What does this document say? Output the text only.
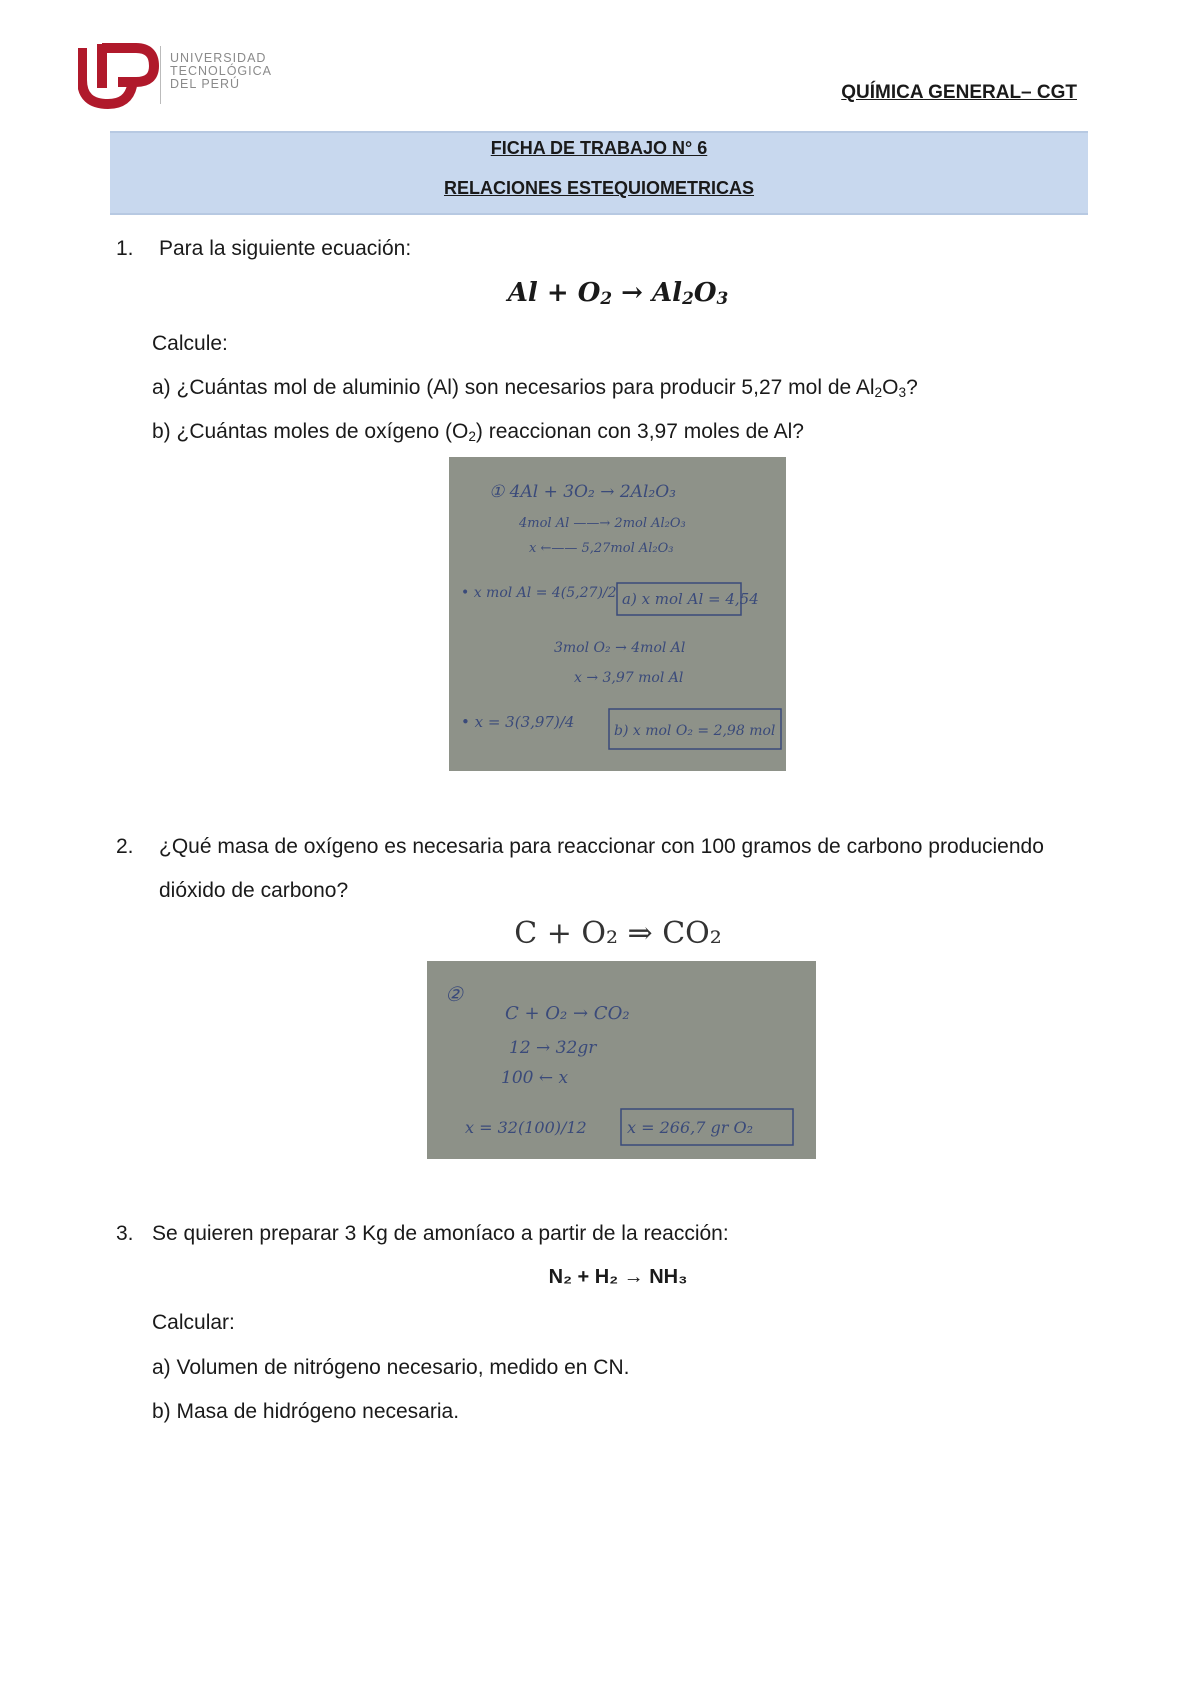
UNIVERSIDAD
TECNOLÓGICA
DEL PERÚ	QUÍMICA GENERAL– CGT
FICHA DE TRABAJO N° 6
RELACIONES ESTEQUIOMETRICAS
1. Para la siguiente ecuación:
$Al + O_2 \to Al_2O_3$
Calcule:
a) ¿Cuántas mol de aluminio (Al) son necesarios para producir 5,27 mol de $Al_2O_3$?
b) ¿Cuántas moles de oxígeno $(O_2)$ reaccionan con 3,97 moles de Al?
① 4Al + 3O₂ → 2Al₂O₃
4mol Al ——→ 2mol Al₂O₃
x ←—— 5,27mol Al₂O₃
• x mol Al = 4(5,27)/2 a) x mol Al = 4,54
3mol O₂ → 4mol Al
x → 3,97 mol Al
• x = 3(3,97)/4	b) x mol O₂ = 2,98 mol
2. ¿Qué masa de oxígeno es necesaria para reaccionar con 100 gramos de carbono produciendo
dióxido de carbono?
C + O₂ ⇒ CO₂
②
C + O₂ → CO₂
12 → 32gr
100 ← x
x = 32(100)/12	x = 266,7 gr O₂
3. Se quieren preparar 3 Kg de amoníaco a partir de la reacción:
N₂ + H₂ → NH₃
Calcular:
a) Volumen de nitrógeno necesario, medido en CN.
b) Masa de hidrógeno necesaria.
